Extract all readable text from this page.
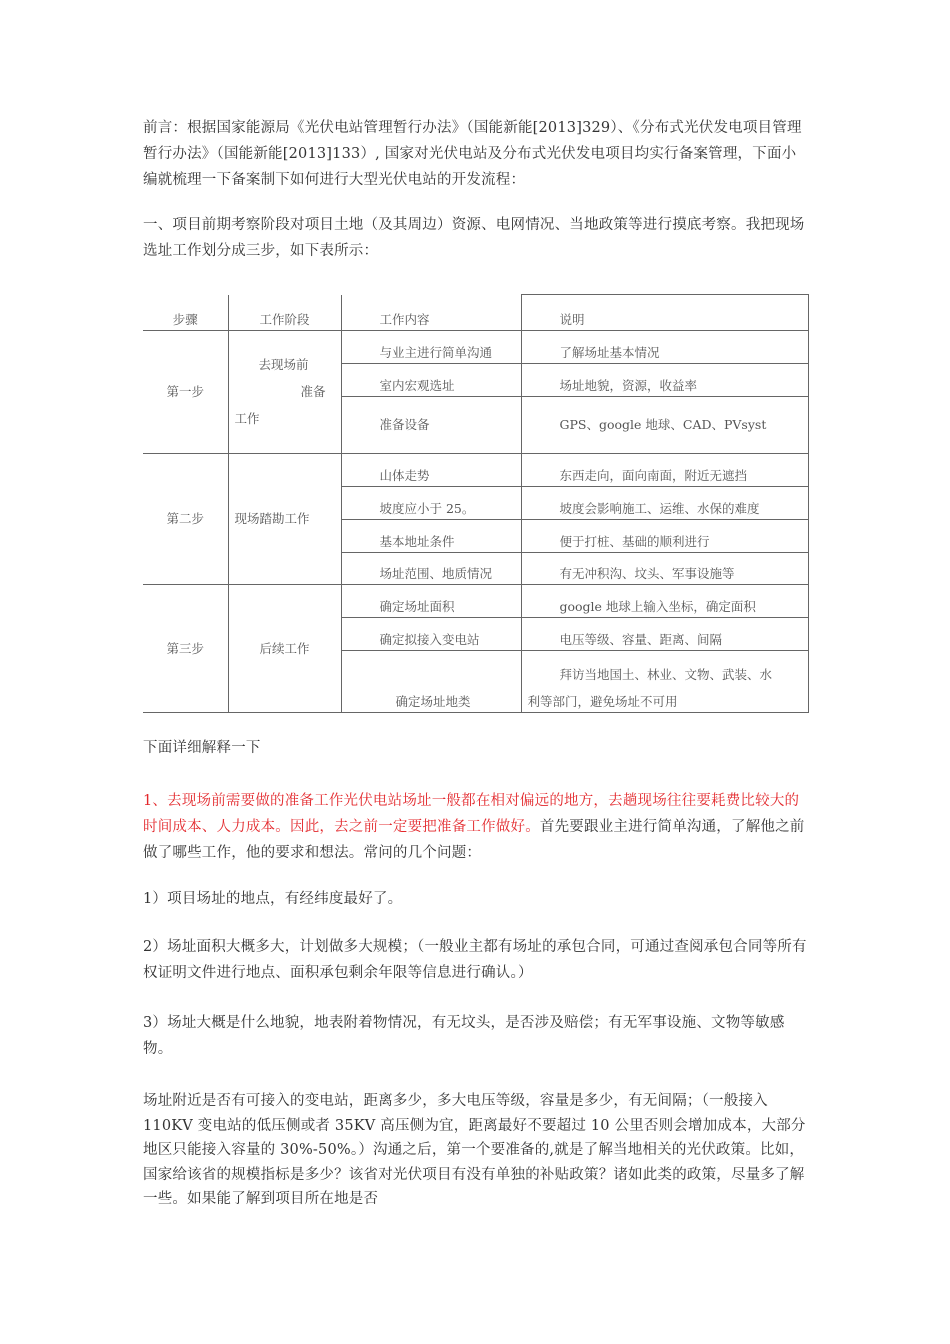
前言：根据国家能源局《光伏电站管理暂行办法》（国能新能[2013]329）、《分布式光伏发电项目管理暂行办法》（国能新能[2013]133）, 国家对光伏电站及分布式光伏发电项目均实行备案管理，下面小编就梳理一下备案制下如何进行大型光伏电站的开发流程：

一、项目前期考察阶段对项目土地（及其周边）资源、电网情况、当地政策等进行摸底考察。我把现场选址工作划分成三步，如下表所示：

步骤	工作阶段	工作内容	说明
第一步	去现场前
准备
工作	与业主进行简单沟通	了解场址基本情况
		室内宏观选址	场址地貌，资源，收益率
		准备设备	GPS、google 地球、CAD、PVsyst
第二步	现场踏勘工作	山体走势	东西走向，面向南面，附近无遮挡
		坡度应小于 25。	坡度会影响施工、运维、水保的难度
		基本地址条件	便于打桩、基础的顺利进行
		场址范围、地质情况	有无冲积沟、坟头、军事设施等
第三步	后续工作	确定场址面积	google 地球上输入坐标，确定面积
		确定拟接入变电站	电压等级、容量、距离、间隔
		确定场址地类	拜访当地国土、林业、文物、武装、水
利等部门，避免场址不可用

下面详细解释一下

1、去现场前需要做的准备工作光伏电站场址一般都在相对偏远的地方，去趟现场往往要耗费比较大的时间成本、人力成本。因此，去之前一定要把准备工作做好。首先要跟业主进行简单沟通，了解他之前做了哪些工作，他的要求和想法。常问的几个问题：

1）项目场址的地点，有经纬度最好了。

2）场址面积大概多大，计划做多大规模；（一般业主都有场址的承包合同，可通过查阅承包合同等所有权证明文件进行地点、面积承包剩余年限等信息进行确认。）

3）场址大概是什么地貌，地表附着物情况，有无坟头，是否涉及赔偿；有无军事设施、文物等敏感物。

场址附近是否有可接入的变电站，距离多少，多大电压等级，容量是多少，有无间隔；（一般接入 110KV 变电站的低压侧或者 35KV 高压侧为宜，距离最好不要超过 10 公里否则会增加成本，大部分地区只能接入容量的 30%-50%。）沟通之后，第一个要准备的,就是了解当地相关的光伏政策。比如，国家给该省的规模指标是多少？该省对光伏项目有没有单独的补贴政策？诸如此类的政策，尽量多了解一些。如果能了解到项目所在地是否
